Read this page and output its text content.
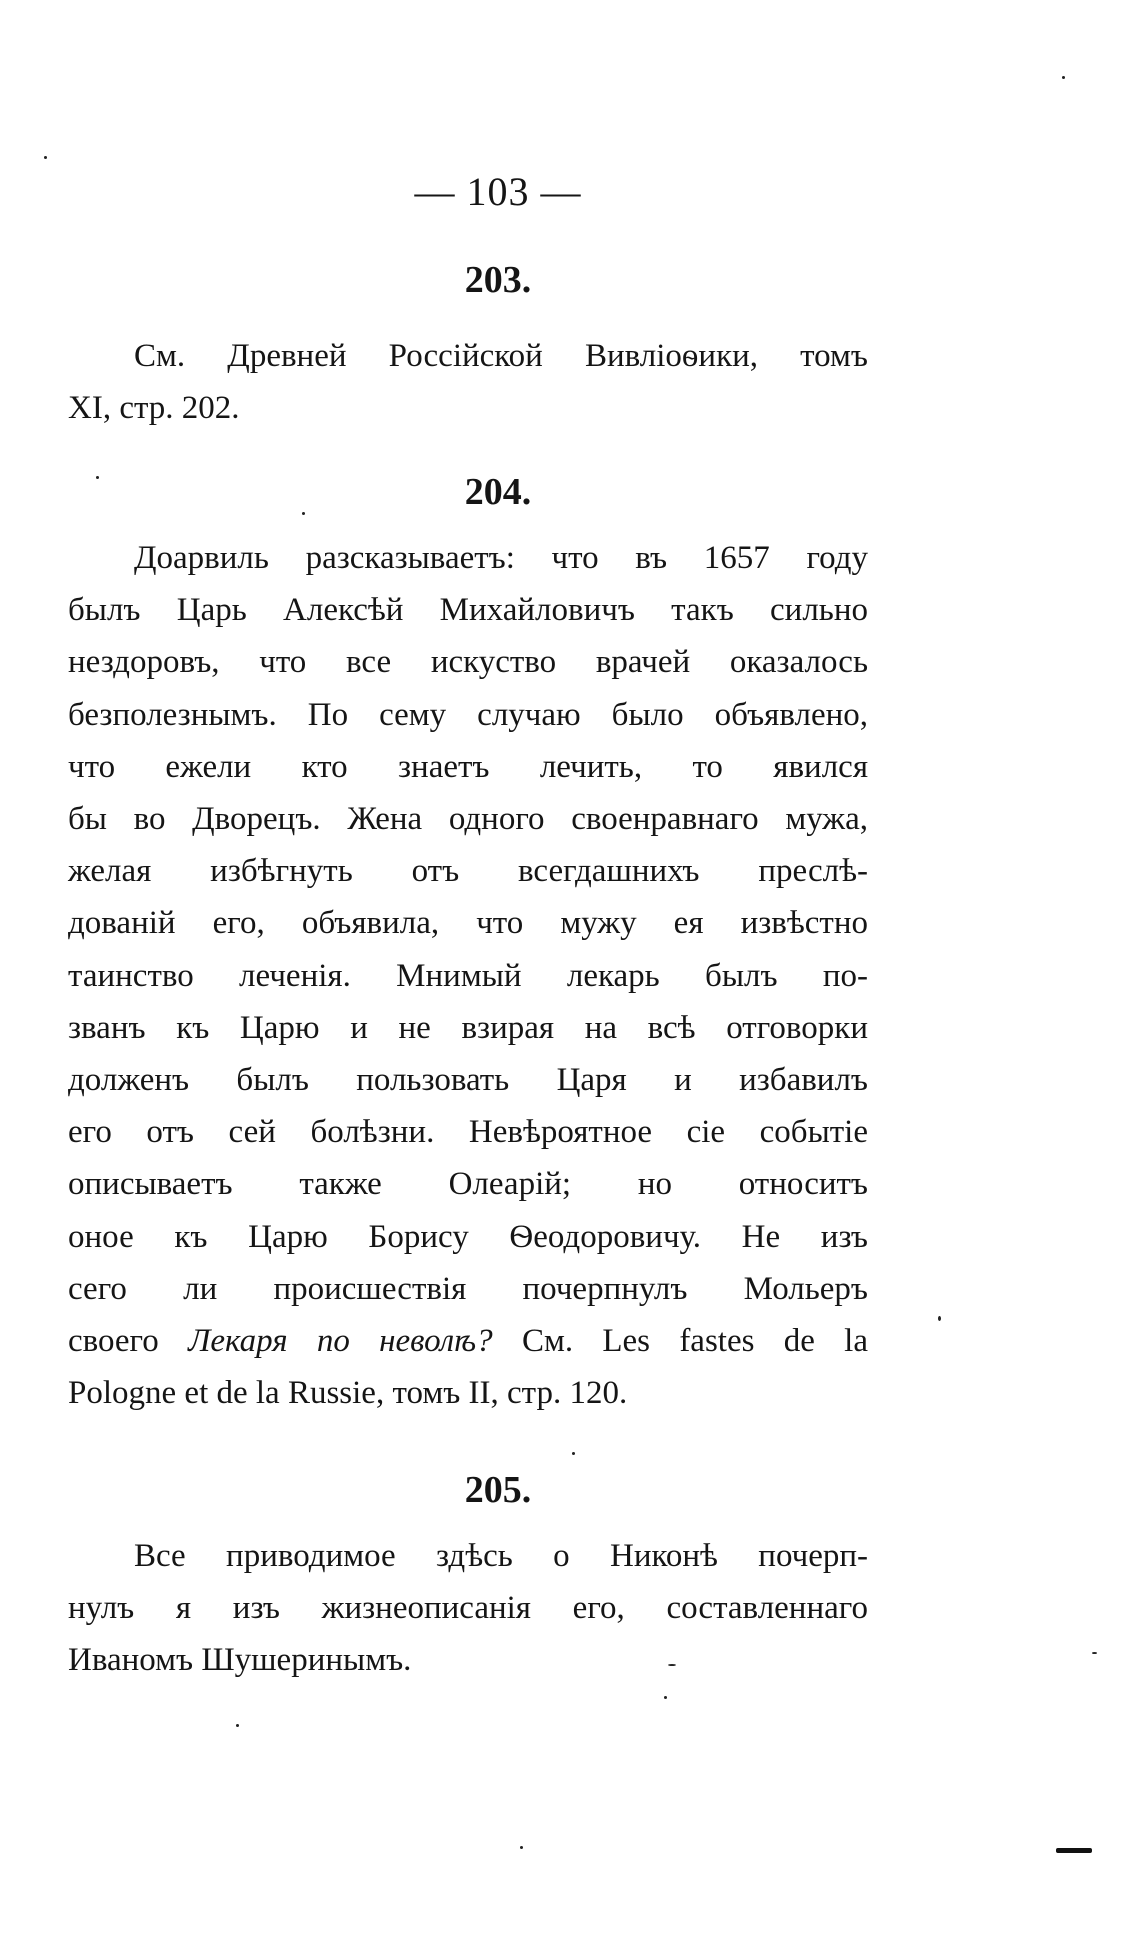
— 103 —
203.
См. Древней Россійской Вивліоѳики, томъ
XI, стр. 202.
204.
Доарвиль разсказываетъ: что въ 1657 году
былъ Царь Алексѣй Михайловичъ такъ сильно
нездоровъ, что все искуство врачей оказалось
безполезнымъ. По сему случаю было объявлено,
что ежели кто знаетъ лечить, то явился
бы во Дворецъ. Жена одного своенравнаго мужа,
желая избѣгнуть отъ всегдашнихъ преслѣ-
дованій его, объявила, что мужу ея извѣстно
таинство леченія. Мнимый лекарь былъ по-
званъ къ Царю и не взирая на всѣ отговорки
долженъ былъ пользовать Царя и избавилъ
его отъ сей болѣзни. Невѣроятное сіе событіе
описываетъ также Олеарій; но относитъ
оное къ Царю Борису Ѳеодоровичу. Не изъ
сего ли происшествія почерпнулъ Мольеръ
своего Лекаря по неволѣ? См. Les fastes de la
Pologne et de la Russie, томъ II, стр. 120.
205.
Все приводимое здѣсь о Никонѣ почерп-
нулъ я изъ жизнеописанія его, составленнаго
Иваномъ Шушеринымъ.
